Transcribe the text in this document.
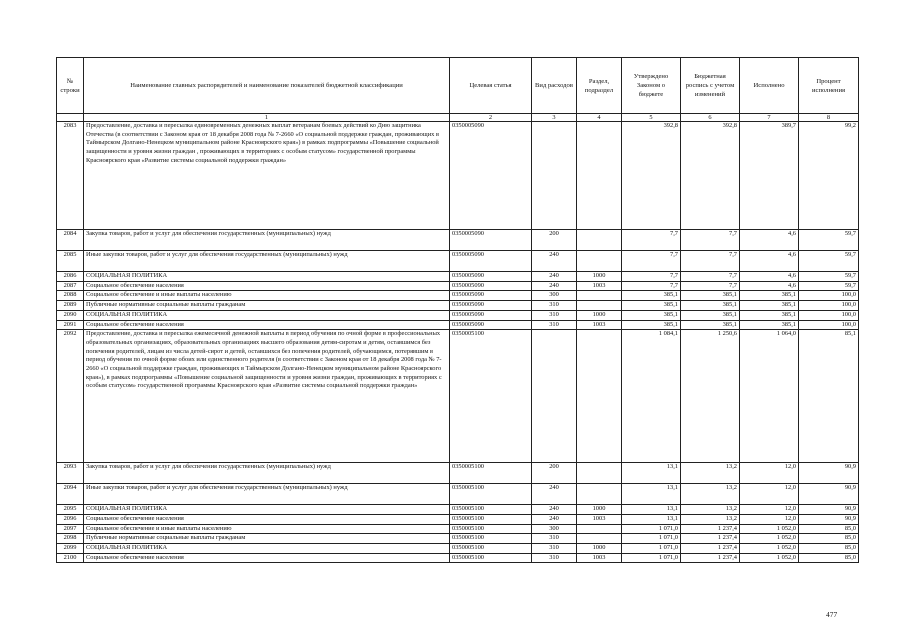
№ строки	Наименование главных распорядителей и наименование показателей бюджетной классификации	Целевая статья	Вид расходов	Раздел, подраздел	Утверждено Законом о бюджете	Бюджетная роспись с учетом изменений	Исполнено	Процент исполнения
	1	2	3	4	5	6	7	8
2083	Предоставление, доставка и пересылка единовременных денежных выплат ветеранам боевых действий ко Дню защитника Отечества (в соответствии с Законом края от 18 декабря 2008 года № 7-2660 «О социальной поддержке граждан, проживающих в Таймырском Долгано-Ненецком муниципальном районе Красноярского края») в рамках подпрограммы «Повышение социальной защищенности и уровня жизни граждан , проживающих в территориях с особым статусом» государственной программы Красноярского края «Развитие системы социальной поддержки граждан»	0350005090			392,8	392,8	389,7	99,2
2084	Закупка товаров, работ и услуг для обеспечения государственных (муниципальных) нужд	0350005090	200		7,7	7,7	4,6	59,7
2085	Иные закупки товаров, работ и услуг для обеспечения государственных (муниципальных) нужд	0350005090	240		7,7	7,7	4,6	59,7
2086	СОЦИАЛЬНАЯ ПОЛИТИКА	0350005090	240	1000	7,7	7,7	4,6	59,7
2087	Социальное обеспечение населения	0350005090	240	1003	7,7	7,7	4,6	59,7
2088	Социальное обеспечение и иные выплаты населению	0350005090	300		385,1	385,1	385,1	100,0
2089	Публичные нормативные социальные выплаты гражданам	0350005090	310		385,1	385,1	385,1	100,0
2090	СОЦИАЛЬНАЯ ПОЛИТИКА	0350005090	310	1000	385,1	385,1	385,1	100,0
2091	Социальное обеспечение населения	0350005090	310	1003	385,1	385,1	385,1	100,0
2092	Предоставление, доставка и пересылка ежемесячной денежной выплаты в период обучения по очной форме в профессиональных образовательных организациях, образовательных организациях высшего образования детям-сиротам и детям, оставшимся без попечения родителей, лицам из числа детей-сирот и детей, оставшихся без попечения родителей, обучающимся, потерявшим в период обучения по очной форме обоих или единственного родителя (в соответствии с Законом края от 18 декабря 2008 года № 7-2660 «О социальной поддержке граждан, проживающих в Таймырском Долгано-Ненецком муниципальном районе Красноярского края»), в рамках подпрограммы «Повышение социальной защищенности и уровня жизни граждан, проживающих в территориях с особым статусом» государственной программы Красноярского края «Развитие системы социальной поддержки граждан»	0350005100			1 084,1	1 250,6	1 064,0	85,1
2093	Закупка товаров, работ и услуг для обеспечения государственных (муниципальных) нужд	0350005100	200		13,1	13,2	12,0	90,9
2094	Иные закупки товаров, работ и услуг для обеспечения государственных (муниципальных) нужд	0350005100	240		13,1	13,2	12,0	90,9
2095	СОЦИАЛЬНАЯ ПОЛИТИКА	0350005100	240	1000	13,1	13,2	12,0	90,9
2096	Социальное обеспечение населения	0350005100	240	1003	13,1	13,2	12,0	90,9
2097	Социальное обеспечение и иные выплаты населению	0350005100	300		1 071,0	1 237,4	1 052,0	85,0
2098	Публичные нормативные социальные выплаты гражданам	0350005100	310		1 071,0	1 237,4	1 052,0	85,0
2099	СОЦИАЛЬНАЯ ПОЛИТИКА	0350005100	310	1000	1 071,0	1 237,4	1 052,0	85,0
2100	Социальное обеспечение населения	0350005100	310	1003	1 071,0	1 237,4	1 052,0	85,0
477
